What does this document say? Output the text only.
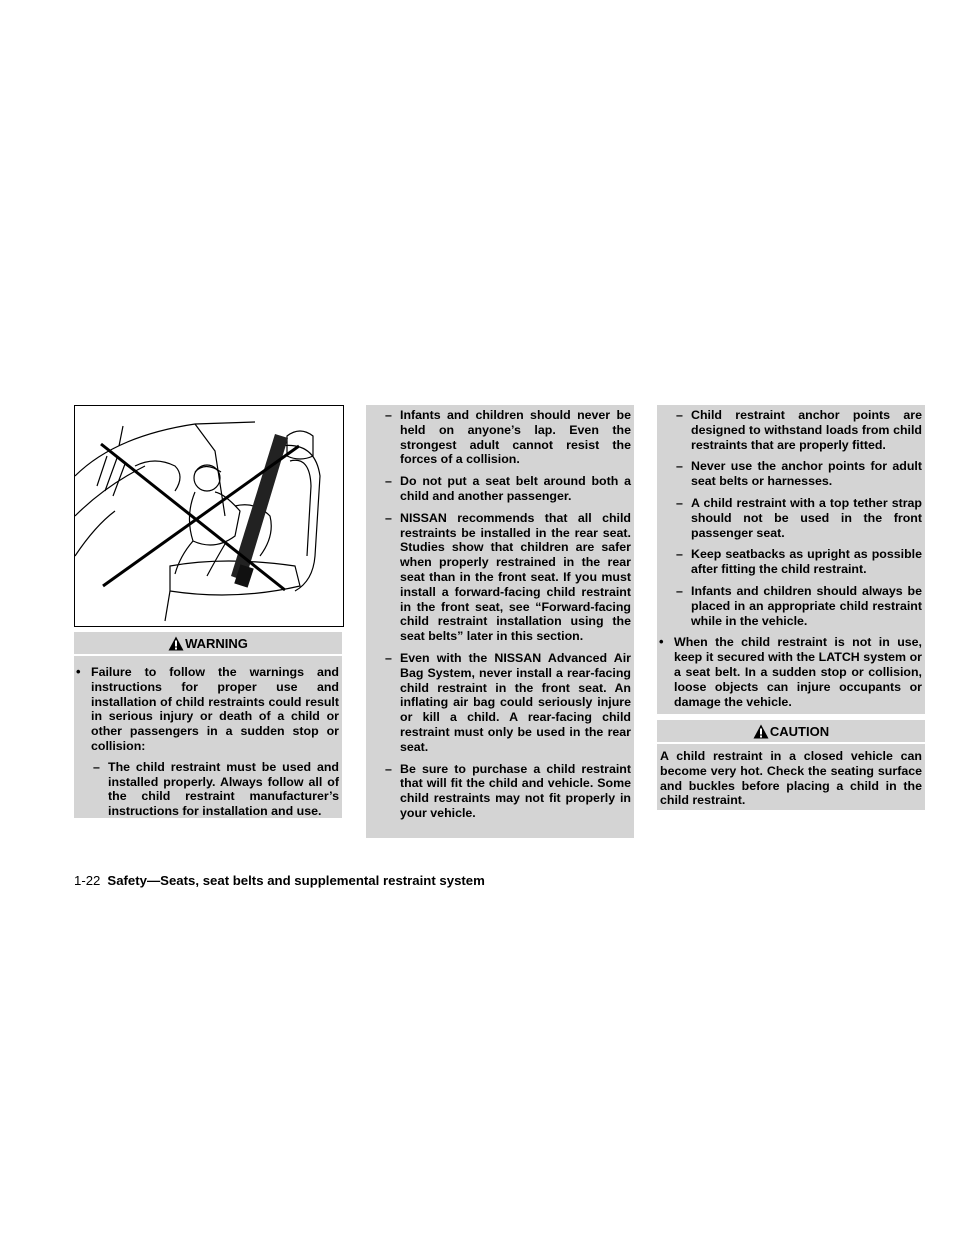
WARNING

• Failure to follow the warnings and instructions for proper use and installation of child restraints could result in serious injury or death of a child or other passengers in a sudden stop or collision:

– The child restraint must be used and installed properly. Always follow all of the child restraint manufacturer’s instructions for installation and use.

– Infants and children should never be held on anyone’s lap. Even the strongest adult cannot resist the forces of a collision.

– Do not put a seat belt around both a child and another passenger.

– NISSAN recommends that all child restraints be installed in the rear seat. Studies show that children are safer when properly restrained in the rear seat than in the front seat. If you must install a forward-facing child restraint in the front seat, see “Forward-facing child restraint installation using the seat belts” later in this section.

– Even with the NISSAN Advanced Air Bag System, never install a rear-facing child restraint in the front seat. An inflating air bag could seriously injure or kill a child. A rear-facing child restraint must only be used in the rear seat.

– Be sure to purchase a child restraint that will fit the child and vehicle. Some child restraints may not fit properly in your vehicle.

– Child restraint anchor points are designed to withstand loads from child restraints that are properly fitted.

– Never use the anchor points for adult seat belts or harnesses.

– A child restraint with a top tether strap should not be used in the front passenger seat.

– Keep seatbacks as upright as possible after fitting the child restraint.

– Infants and children should always be placed in an appropriate child restraint while in the vehicle.

• When the child restraint is not in use, keep it secured with the LATCH system or a seat belt. In a sudden stop or collision, loose objects can injure occupants or damage the vehicle.

CAUTION

A child restraint in a closed vehicle can become very hot. Check the seating surface and buckles before placing a child in the child restraint.

1-22 Safety—Seats, seat belts and supplemental restraint system
